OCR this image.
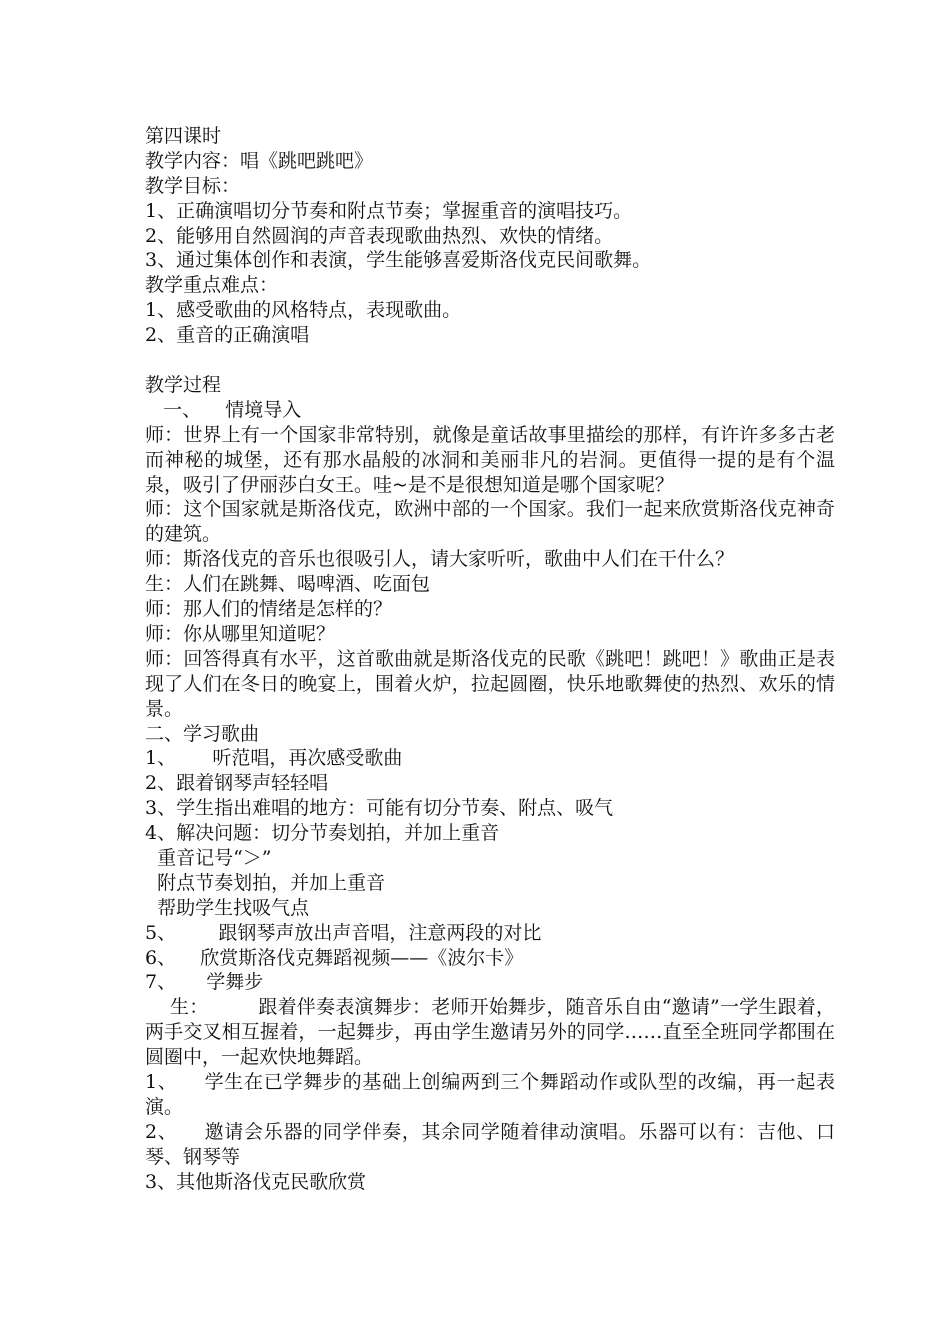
第四课时
教学内容：唱《跳吧跳吧》
教学目标：
1、正确演唱切分节奏和附点节奏；掌握重音的演唱技巧。
2、能够用自然圆润的声音表现歌曲热烈、欢快的情绪。
3、通过集体创作和表演，学生能够喜爱斯洛伐克民间歌舞。
教学重点难点：
1、感受歌曲的风格特点，表现歌曲。
2、重音的正确演唱
教学过程
一、    情境导入
师：世界上有一个国家非常特别，就像是童话故事里描绘的那样，有许许多多古老而神秘的城堡，还有那水晶般的冰洞和美丽非凡的岩洞。更值得一提的是有个温泉，吸引了伊丽莎白女王。哇~是不是很想知道是哪个国家呢？
师：这个国家就是斯洛伐克，欧洲中部的一个国家。我们一起来欣赏斯洛伐克神奇的建筑。
师：斯洛伐克的音乐也很吸引人，请大家听听，歌曲中人们在干什么？
生：人们在跳舞、喝啤酒、吃面包
师：那人们的情绪是怎样的？
师：你从哪里知道呢？
师：回答得真有水平，这首歌曲就是斯洛伐克的民歌《跳吧！跳吧！》歌曲正是表现了人们在冬日的晚宴上，围着火炉，拉起圆圈，快乐地歌舞使的热烈、欢乐的情景。
二、学习歌曲
1、      听范唱，再次感受歌曲
2、跟着钢琴声轻轻唱
3、学生指出难唱的地方：可能有切分节奏、附点、吸气
4、解决问题：切分节奏划拍，并加上重音
重音记号“＞”
附点节奏划拍，并加上重音
帮助学生找吸气点
5、       跟钢琴声放出声音唱，注意两段的对比
6、    欣赏斯洛伐克舞蹈视频——《波尔卡》
7、     学舞步
生：        跟着伴奏表演舞步：老师开始舞步，随音乐自由“邀请”一学生跟着，两手交叉相互握着，一起舞步，再由学生邀请另外的同学……直至全班同学都围在圆圈中，一起欢快地舞蹈。
1、    学生在已学舞步的基础上创编两到三个舞蹈动作或队型的改编，再一起表演。
2、    邀请会乐器的同学伴奏，其余同学随着律动演唱。乐器可以有：吉他、口琴、钢琴等
3、其他斯洛伐克民歌欣赏
